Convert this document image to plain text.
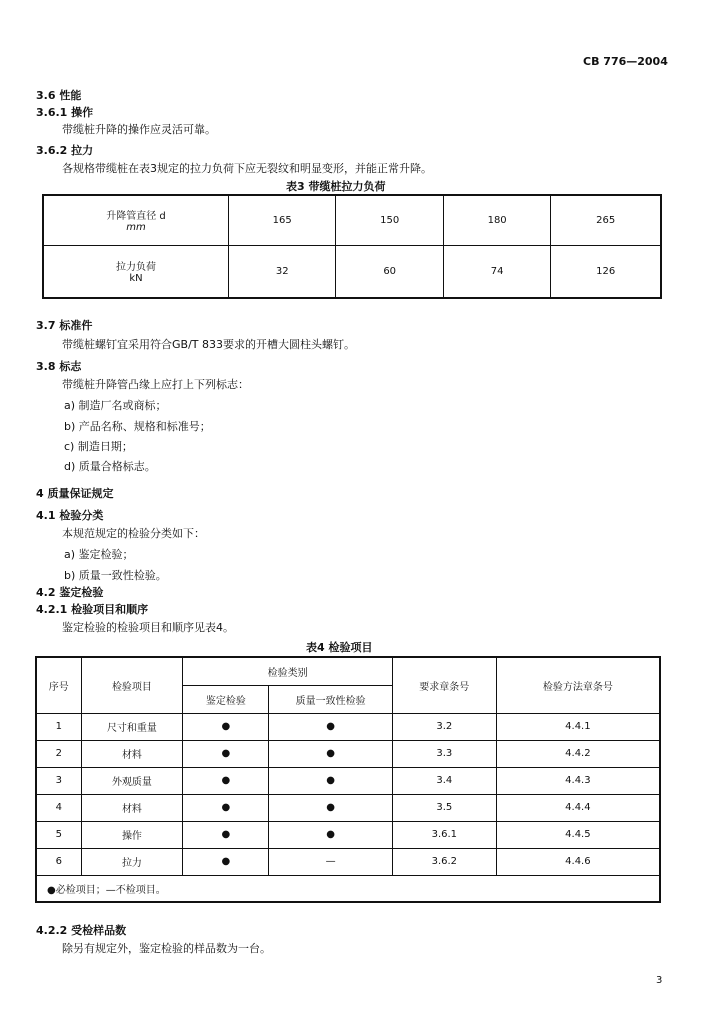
CB 776—2004
3.6 性能
3.6.1 操作
带缆桩升降的操作应灵活可靠。
3.6.2 拉力
各规格带缆桩在表3规定的拉力负荷下应无裂纹和明显变形，并能正常升降。
表3 带缆桩拉力负荷
升降管直径 d
mm	165	150	180	265

拉力负荷
kN	32	60	74	126
3.7 标准件
带缆桩螺钉宜采用符合GB/T 833要求的开槽大圆柱头螺钉。
3.8 标志
带缆桩升降管凸缘上应打上下列标志：
a) 制造厂名或商标；
b) 产品名称、规格和标准号；
c) 制造日期；
d) 质量合格标志。
4 质量保证规定
4.1 检验分类
本规范规定的检验分类如下：
a) 鉴定检验；
b) 质量一致性检验。
4.2 鉴定检验
4.2.1 检验项目和顺序
鉴定检验的检验项目和顺序见表4。
表4 检验项目
序号	检验项目	检验类别		要求章条号	检验方法章条号
		鉴定检验	质量一致性检验		
1	尺寸和重量	●	●	3.2	4.4.1
2	材料	●	●	3.3	4.4.2
3	外观质量	●	●	3.4	4.4.3
4	材料	●	●	3.5	4.4.4
5	操作	●	●	3.6.1	4.4.5
6	拉力	●	—	3.6.2	4.4.6
●必检项目；—不检项目。					
4.2.2 受检样品数
除另有规定外，鉴定检验的样品数为一台。
3
